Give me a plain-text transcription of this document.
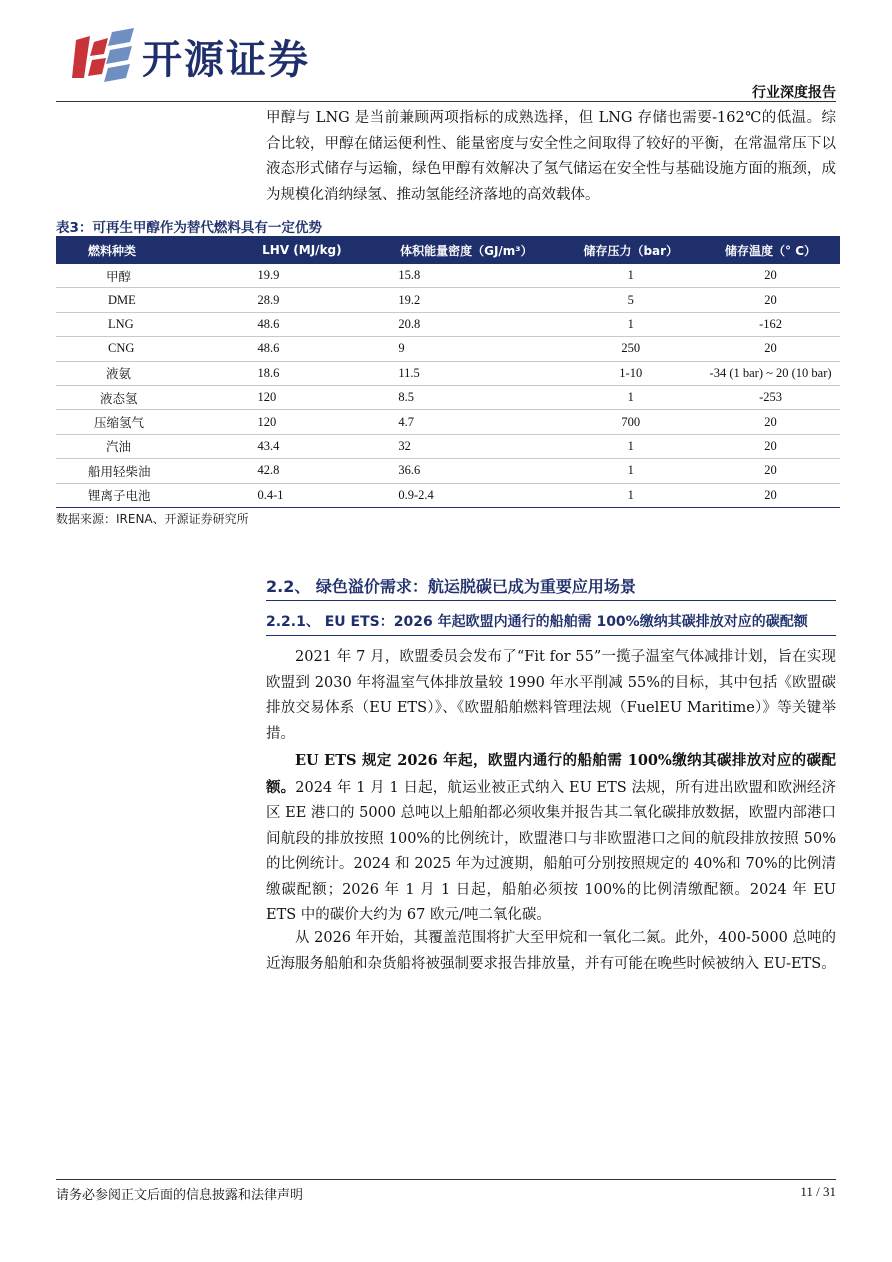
开源证券
行业深度报告
甲醇与 LNG 是当前兼顾两项指标的成熟选择，但 LNG 存储也需要-162℃的低温。综合比较，甲醇在储运便利性、能量密度与安全性之间取得了较好的平衡，在常温常压下以液态形式储存与运输，绿色甲醇有效解决了氢气储运在安全性与基础设施方面的瓶颈，成为规模化消纳绿氢、推动氢能经济落地的高效载体。
表3：可再生甲醇作为替代燃料具有一定优势
燃料种类	LHV (MJ/kg)	体积能量密度（GJ/m³）	储存压力（bar）	储存温度（° C）
甲醇	19.9	15.8	1	20
DME	28.9	19.2	5	20
LNG	48.6	20.8	1	-162
CNG	48.6	9	250	20
液氨	18.6	11.5	1-10	-34 (1 bar) ~ 20 (10 bar)
液态氢	120	8.5	1	-253
压缩氢气	120	4.7	700	20
汽油	43.4	32	1	20
船用轻柴油	42.8	36.6	1	20
锂离子电池	0.4-1	0.9-2.4	1	20
数据来源：IRENA、开源证券研究所
2.2、 绿色溢价需求：航运脱碳已成为重要应用场景
2.2.1、 EU ETS：2026 年起欧盟内通行的船舶需 100%缴纳其碳排放对应的碳配额
2021 年 7 月，欧盟委员会发布了“Fit for 55”一揽子温室气体减排计划，旨在实现欧盟到 2030 年将温室气体排放量较 1990 年水平削减 55%的目标，其中包括《欧盟碳排放交易体系（EU ETS）》、《欧盟船舶燃料管理法规（FuelEU Maritime）》等关键举措。
EU ETS 规定 2026 年起，欧盟内通行的船舶需 100%缴纳其碳排放对应的碳配额。2024 年 1 月 1 日起，航运业被正式纳入 EU ETS 法规，所有进出欧盟和欧洲经济区 EE 港口的 5000 总吨以上船舶都必须收集并报告其二氧化碳排放数据，欧盟内部港口间航段的排放按照 100%的比例统计，欧盟港口与非欧盟港口之间的航段排放按照 50%的比例统计。2024 和 2025 年为过渡期，船舶可分别按照规定的 40%和 70%的比例清缴碳配额；2026 年 1 月 1 日起，船舶必须按 100%的比例清缴配额。2024 年 EU ETS 中的碳价大约为 67 欧元/吨二氧化碳。
从 2026 年开始，其覆盖范围将扩大至甲烷和一氧化二氮。此外，400-5000 总吨的近海服务船舶和杂货船将被强制要求报告排放量，并有可能在晚些时候被纳入 EU-ETS。
请务必参阅正文后面的信息披露和法律声明	11 / 31
